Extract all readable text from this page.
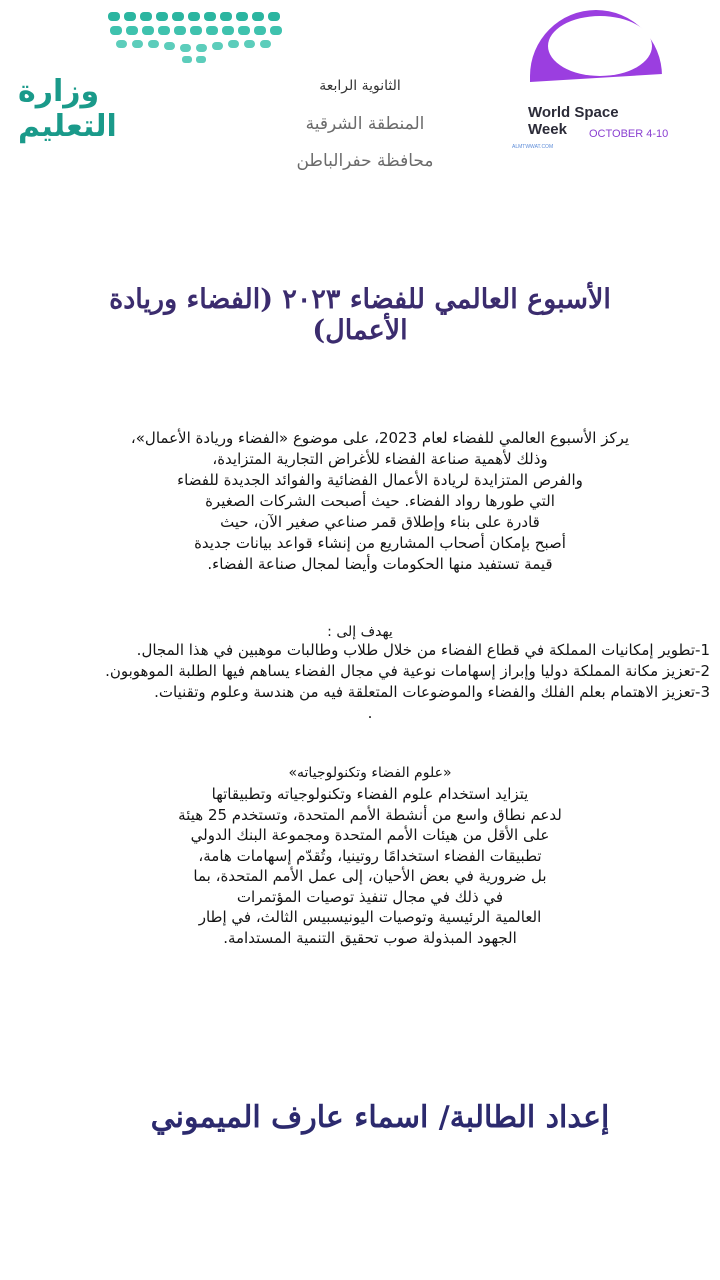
وزارة التعليم
الثانوية الرابعة
المنطقة الشرقية
محافظة حفرالباطن
World Space
Week	OCTOBER 4-10
ALMTWWAT.COM
الأسبوع العالمي للفضاء ٢٠٢٣ (الفضاء وريادة الأعمال)
يركز الأسبوع العالمي للفضاء لعام 2023، على موضوع «الفضاء وريادة الأعمال»،
وذلك لأهمية صناعة الفضاء للأغراض التجارية المتزايدة،
والفرص المتزايدة لريادة الأعمال الفضائية والفوائد الجديدة للفضاء
التي طورها رواد الفضاء. حيث أصبحت الشركات الصغيرة
قادرة على بناء وإطلاق قمر صناعي صغير الآن، حيث
أصبح بإمكان أصحاب المشاريع من إنشاء قواعد بيانات جديدة
قيمة تستفيد منها الحكومات وأيضا لمجال صناعة الفضاء.
يهدف إلى :
1-تطوير إمكانيات المملكة في قطاع الفضاء من خلال طلاب وطالبات موهبين في هذا المجال.
2-تعزيز مكانة المملكة دوليا وإبراز إسهامات نوعية في مجال الفضاء يساهم فيها الطلبة الموهوبون.
3-تعزيز الاهتمام بعلم الفلك والفضاء والموضوعات المتعلقة فيه من هندسة وعلوم وتقنيات.
.
«علوم الفضاء وتكنولوجياته»
يتزايد استخدام علوم الفضاء وتكنولوجياته وتطبيقاتها
لدعم نطاق واسع من أنشطة الأمم المتحدة، وتستخدم 25 هيئة
على الأقل من هيئات الأمم المتحدة ومجموعة البنك الدولي
تطبيقات الفضاء استخدامًا روتينيا، وتُقدّم إسهامات هامة،
بل ضرورية في بعض الأحيان، إلى عمل الأمم المتحدة، بما
في ذلك في مجال تنفيذ توصيات المؤتمرات
العالمية الرئيسية وتوصيات اليونيسبيس الثالث، في إطار
الجهود المبذولة صوب تحقيق التنمية المستدامة.
إعداد الطالبة/ اسماء عارف الميموني
